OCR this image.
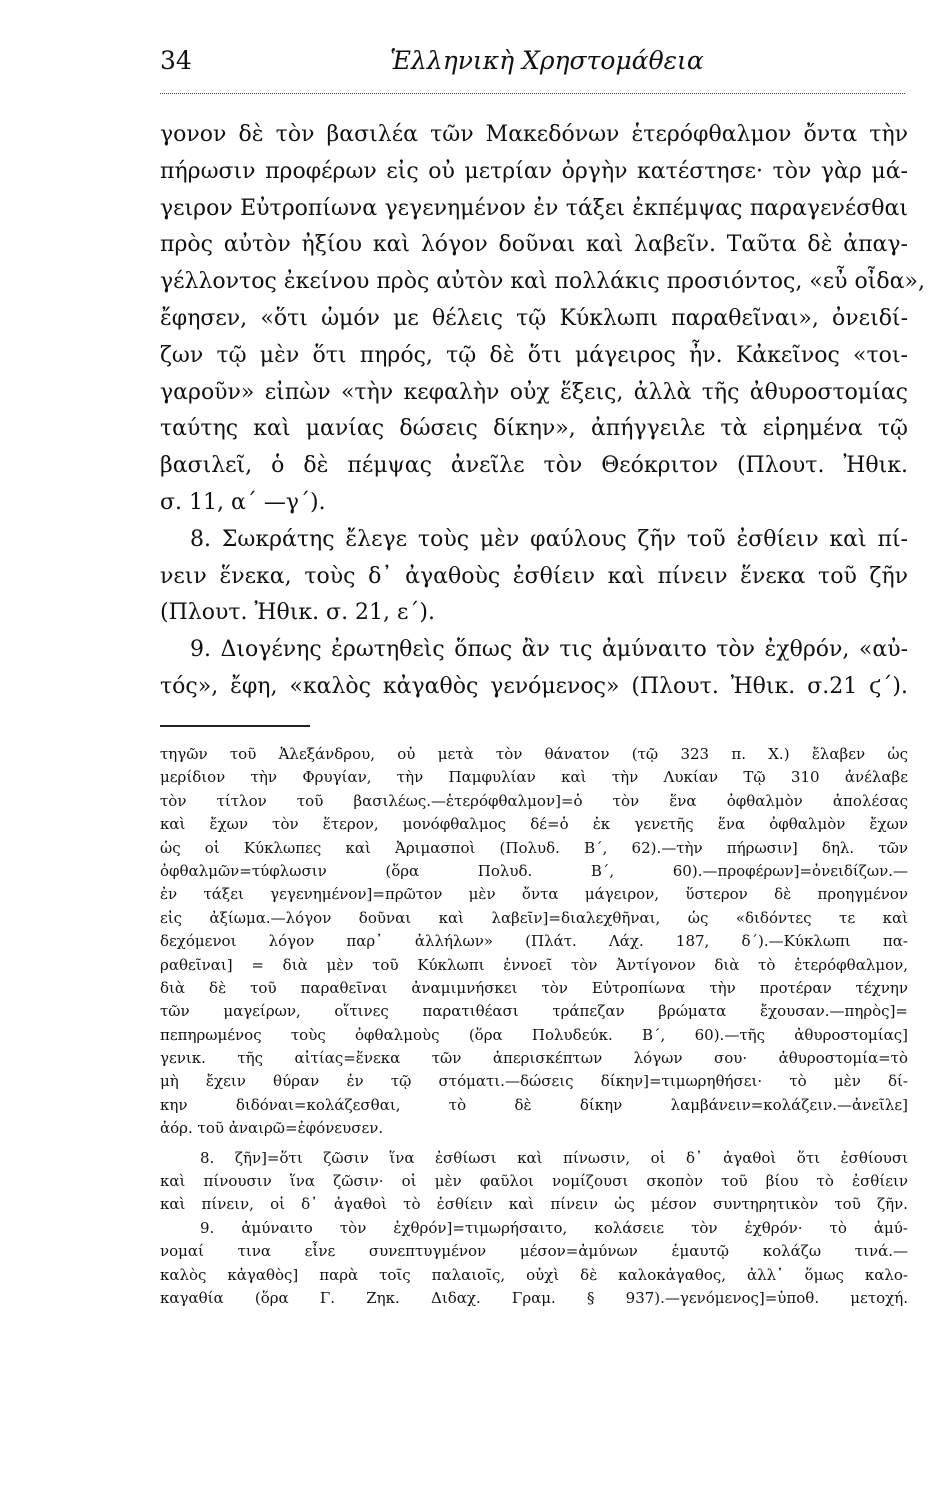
34	Ἑλληνικὴ Χρηστομάθεια
γονον δὲ τὸν βασιλέα τῶν Μακεδόνων ἑτερόφθαλμον ὄντα τὴν
πήρωσιν προφέρων εἰς οὐ μετρίαν ὀργὴν κατέστησε· τὸν γὰρ μά-
γειρον Εὐτροπίωνα γεγενημένον ἐν τάξει ἐκπέμψας παραγενέσθαι
πρὸς αὐτὸν ἠξίου καὶ λόγον δοῦναι καὶ λαβεῖν. Ταῦτα δὲ ἀπαγ-
γέλλοντος ἐκείνου πρὸς αὐτὸν καὶ πολλάκις προσιόντος, «εὖ οἶδα»,
ἔφησεν, «ὅτι ὠμόν με θέλεις τῷ Κύκλωπι παραθεῖναι», ὀνειδί-
ζων τῷ μὲν ὅτι πηρός, τῷ δὲ ὅτι μάγειρος ἦν. Κἀκεῖνος «τοι-
γαροῦν» εἰπὼν «τὴν κεφαλὴν οὐχ ἕξεις, ἀλλὰ τῆς ἀθυροστομίας
ταύτης καὶ μανίας δώσεις δίκην», ἀπήγγειλε τὰ εἰρημένα τῷ
βασιλεῖ, ὁ δὲ πέμψας ἀνεῖλε τὸν Θεόκριτον (Πλουτ. Ἠθικ.
σ. 11, α΄ —γ΄).
8. Σωκράτης ἔλεγε τοὺς μὲν φαύλους ζῆν τοῦ ἐσθίειν καὶ πί-
νειν ἕνεκα, τοὺς δ᾿ ἀγαθοὺς ἐσθίειν καὶ πίνειν ἕνεκα τοῦ ζῆν
(Πλουτ. Ἠθικ. σ. 21, ε΄).
9. Διογένης ἐρωτηθεὶς ὅπως ἂν τις ἀμύναιτο τὸν ἐχθρόν, «αὐ-
τός», ἔφη, «καλὸς κἀγαθὸς γενόμενος» (Πλουτ. Ἠθικ. σ.21 ϛ΄).
τηγῶν τοῦ Ἀλεξάνδρου, οὐ μετὰ τὸν θάνατον (τῷ 323 π. Χ.) ἔλαβεν ὡς
μερίδιον τὴν Φρυγίαν, τὴν Παμφυλίαν καὶ τὴν Λυκίαν Τῷ 310 ἀνέλαβε
τὸν τίτλον τοῦ βασιλέως.—ἑτερόφθαλμον]=ὁ τὸν ἕνα ὀφθαλμὸν ἀπολέσας
καὶ ἔχων τὸν ἕτερον, μονόφθαλμος δέ=ὁ ἐκ γενετῆς ἕνα ὀφθαλμὸν ἔχων
ὡς οἱ Κύκλωπες καὶ Ἀριμασποὶ (Πολυδ. Β΄, 62).—τὴν πήρωσιν] δηλ. τῶν
ὀφθαλμῶν=τύφλωσιν (ὅρα Πολυδ. Β΄, 60).—προφέρων]=ὀνειδίζων.—
ἐν τάξει γεγενημένον]=πρῶτον μὲν ὄντα μάγειρον, ὕστερον δὲ προηγμένον
εἰς ἀξίωμα.—λόγον δοῦναι καὶ λαβεῖν]=διαλεχθῆναι, ὡς «διδόντες τε καὶ
δεχόμενοι λόγον παρ᾿ ἀλλήλων» (Πλάτ. Λάχ. 187, δ΄).—Κύκλωπι πα-
ραθεῖναι] = διὰ μὲν τοῦ Κύκλωπι ἐννοεῖ τὸν Ἀντίγονον διὰ τὸ ἑτερόφθαλμον,
διὰ δὲ τοῦ παραθεῖναι ἀναμιμνήσκει τὸν Εὐτροπίωνα τὴν προτέραν τέχνην
τῶν μαγείρων, οἵτινες παρατιθέασι τράπεζαν βρώματα ἔχουσαν.—πηρὸς]=
πεπηρωμένος τοὺς ὀφθαλμοὺς (ὅρα Πολυδεύκ. Β΄, 60).—τῆς ἀθυροστομίας]
γενικ. τῆς αἰτίας=ἕνεκα τῶν ἀπερισκέπτων λόγων σου· ἀθυροστομία=τὸ
μὴ ἔχειν θύραν ἐν τῷ στόματι.—δώσεις δίκην]=τιμωρηθήσει· τὸ μὲν δί-
κην διδόναι=κολάζεσθαι, τὸ δὲ δίκην λαμβάνειν=κολάζειν.—ἀνεῖλε]
ἀόρ. τοῦ ἀναιρῶ=ἐφόνευσεν.
8. ζῆν]=ὅτι ζῶσιν ἵνα ἐσθίωσι καὶ πίνωσιν, οἱ δ᾿ ἀγαθοὶ ὅτι ἐσθίουσι
καὶ πίνουσιν ἵνα ζῶσιν· οἱ μὲν φαῦλοι νομίζουσι σκοπὸν τοῦ βίου τὸ ἐσθίειν
καὶ πίνειν, οἱ δ᾿ ἀγαθοὶ τὸ ἐσθίειν καὶ πίνειν ὡς μέσον συντηρητικὸν τοῦ ζῆν.
9. ἀμύναιτο τὸν ἐχθρόν]=τιμωρήσαιτο, κολάσειε τὸν ἐχθρόν· τὸ ἀμύ-
νομαί τινα εἶνε συνεπτυγμένον μέσον=ἀμύνων ἐμαυτῷ κολάζω τινά.—
καλὸς κἀγαθὸς] παρὰ τοῖς παλαιοῖς, οὐχὶ δὲ καλοκἀγαθος, ἀλλ᾿ ὅμως καλο-
καγαθία (ὅρα Γ. Ζηκ. Διδαχ. Γραμ. § 937).—γενόμενος]=ὑποθ. μετοχή.
